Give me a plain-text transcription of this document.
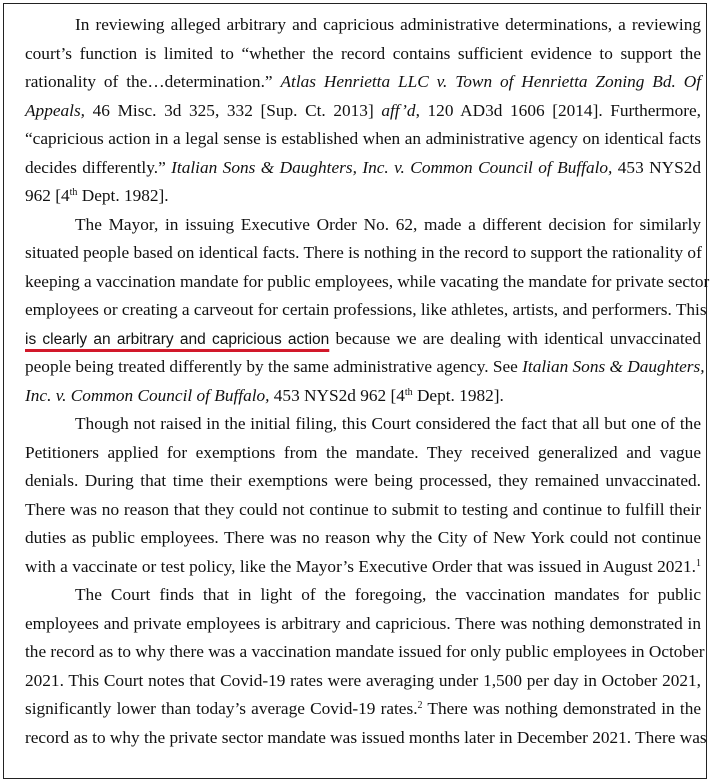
In reviewing alleged arbitrary and capricious administrative determinations, a reviewing
court’s function is limited to “whether the record contains sufficient evidence to support the
rationality of the…determination.” Atlas Henrietta LLC v. Town of Henrietta Zoning Bd. Of
Appeals, 46 Misc. 3d 325, 332 [Sup. Ct. 2013] aff’d, 120 AD3d 1606 [2014]. Furthermore,
“capricious action in a legal sense is established when an administrative agency on identical facts
decides differently.” Italian Sons & Daughters, Inc. v. Common Council of Buffalo, 453 NYS2d
962 [4th Dept. 1982].
The Mayor, in issuing Executive Order No. 62, made a different decision for similarly
situated people based on identical facts. There is nothing in the record to support the rationality of
keeping a vaccination mandate for public employees, while vacating the mandate for private sector
employees or creating a carveout for certain professions, like athletes, artists, and performers. This
is clearly an arbitrary and capricious action because we are dealing with identical unvaccinated
people being treated differently by the same administrative agency. See Italian Sons & Daughters,
Inc. v. Common Council of Buffalo, 453 NYS2d 962 [4th Dept. 1982].
Though not raised in the initial filing, this Court considered the fact that all but one of the
Petitioners applied for exemptions from the mandate. They received generalized and vague
denials. During that time their exemptions were being processed, they remained unvaccinated.
There was no reason that they could not continue to submit to testing and continue to fulfill their
duties as public employees. There was no reason why the City of New York could not continue
with a vaccinate or test policy, like the Mayor’s Executive Order that was issued in August 2021.$^1$
The Court finds that in light of the foregoing, the vaccination mandates for public
employees and private employees is arbitrary and capricious. There was nothing demonstrated in
the record as to why there was a vaccination mandate issued for only public employees in October
2021. This Court notes that Covid-19 rates were averaging under 1,500 per day in October 2021,
significantly lower than today’s average Covid-19 rates.$^2$ There was nothing demonstrated in the
record as to why the private sector mandate was issued months later in December 2021. There was
